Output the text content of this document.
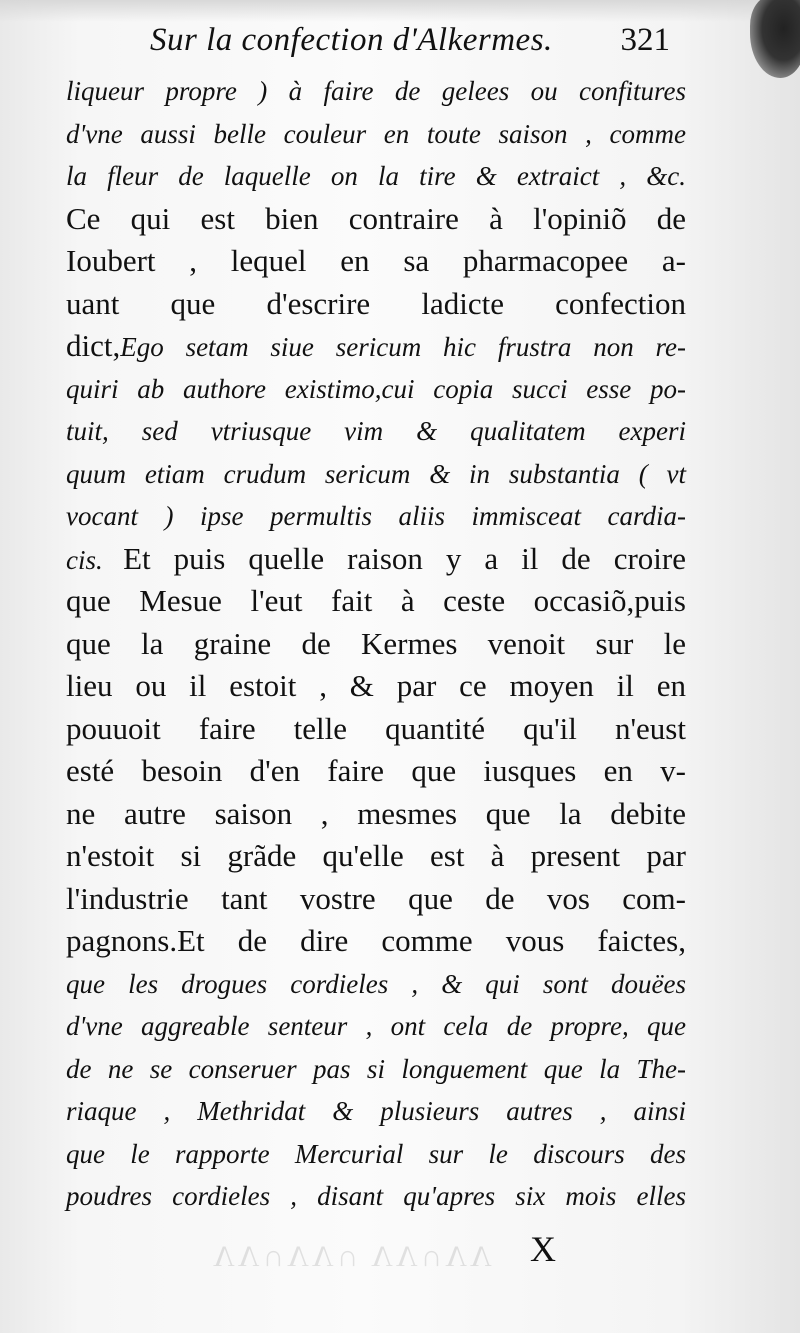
Sur la confection d'Alkermes. 321
liqueur propre ) à faire de gelees ou confitures
d'vne aussi belle couleur en toute saison , comme
la fleur de laquelle on la tire & extraict , &c.
Ce qui est bien contraire à l'opiniõ de
Ioubert , lequel en sa pharmacopee a-
uant que d'escrire ladicte confection
dict,Ego setam siue sericum hic frustra non re-
quiri ab authore existimo,cui copia succi esse po-
tuit, sed vtriusque vim & qualitatem experi
quum etiam crudum sericum & in substantia ( vt
vocant ) ipse permultis aliis immisceat cardia-
cis. Et puis quelle raison y a il de croire
que Mesue l'eut fait à ceste occasiõ,puis
que la graine de Kermes venoit sur le
lieu ou il estoit , & par ce moyen il en
pouuoit faire telle quantité qu'il n'eust
esté besoin d'en faire que iusques en v-
ne autre saison , mesmes que la debite
n'estoit si grãde qu'elle est à present par
l'industrie tant vostre que de vos com-
pagnons.Et de dire comme vous faictes,
que les drogues cordieles , & qui sont douëes
d'vne aggreable senteur , ont cela de propre, que
de ne se conseruer pas si longuement que la The-
riaque , Methridat & plusieurs autres , ainsi
que le rapporte Mercurial sur le discours des
poudres cordieles , disant qu'apres six mois elles
ΛΛ∩ΛΛ ∩ΛΛ∩ΛΛ X
